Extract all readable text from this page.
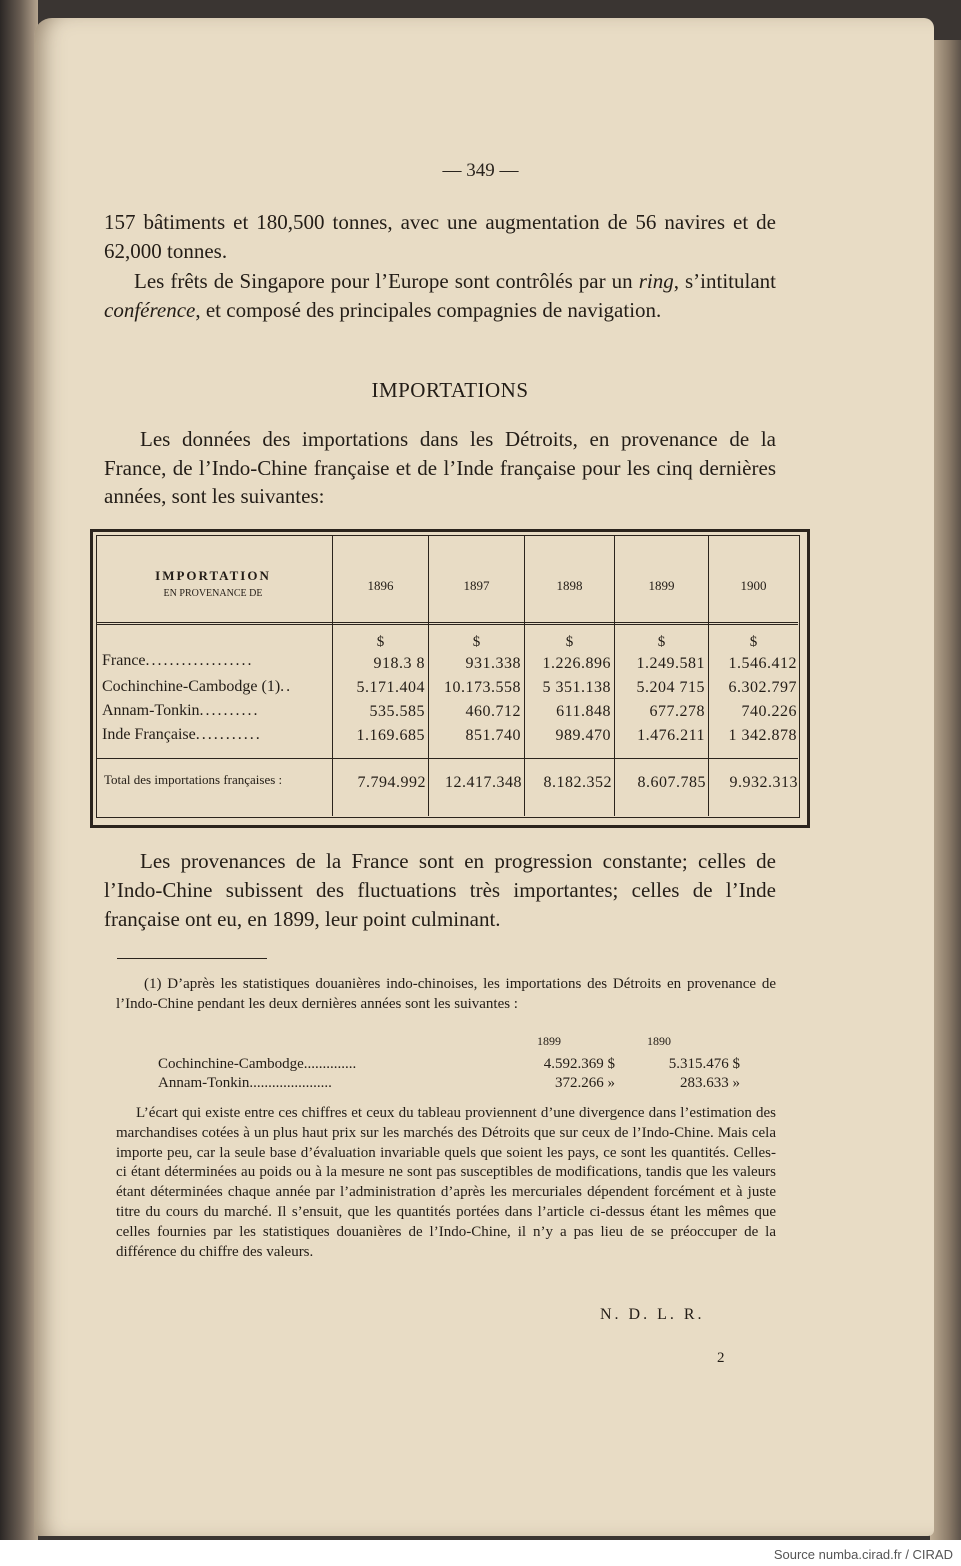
— 349 —
157 bâtiments et 180,500 tonnes, avec une augmentation de 56 navires et de 62,000 tonnes.
Les frêts de Singapore pour l’Europe sont contrôlés par un ring, s’intitulant conférence, et composé des principales compagnies de navigation.
IMPORTATIONS
Les données des importations dans les Détroits, en provenance de la France, de l’Indo-Chine française et de l’Inde française pour les cinq dernières années, sont les suivantes:
IMPORTATION
EN PROVENANCE DE
1896	1897	1898	1899	1900
$	$	$	$	$
France..................	918.3 8	931.338	1.226.896	1.249.581	1.546.412
Cochinchine-Cambodge (1)..	5.171.404	10.173.558	5 351.138	5.204 715	6.302.797
Annam-Tonkin..........	535.585	460.712	611.848	677.278	740.226
Inde Française...........	1.169.685	851.740	989.470	1.476.211	1 342.878
Total des importations françaises :	7.794.992	12.417.348	8.182.352	8.607.785	9.932.313
Les provenances de la France sont en progression constante; celles de l’Indo-Chine subissent des fluctuations très importantes; celles de l’Inde française ont eu, en 1899, leur point culminant.
(1) D’après les statistiques douanières indo-chinoises, les importations des Détroits en provenance de l’Indo-Chine pendant les deux dernières années sont les suivantes :
1899	1890
Cochinchine-Cambodge..............	4.592.369 $	5.315.476 $
Annam-Tonkin......................	372.266 »	283.633 »
L’écart qui existe entre ces chiffres et ceux du tableau proviennent d’une divergence dans l’estimation des marchandises cotées à un plus haut prix sur les marchés des Détroits que sur ceux de l’Indo-Chine. Mais cela importe peu, car la seule base d’évaluation invariable quels que soient les pays, ce sont les quantités. Celles-ci étant déterminées au poids ou à la mesure ne sont pas susceptibles de modifications, tandis que les valeurs étant déterminées chaque année par l’administration d’après les mercuriales dépendent forcément et à juste titre du cours du marché. Il s’ensuit, que les quantités portées dans l’article ci-dessus étant les mêmes que celles fournies par les statistiques douanières de l’Indo-Chine, il n’y a pas lieu de se préoccuper de la différence du chiffre des valeurs.
N. D. L. R.
2
Source numba.cirad.fr / CIRAD
